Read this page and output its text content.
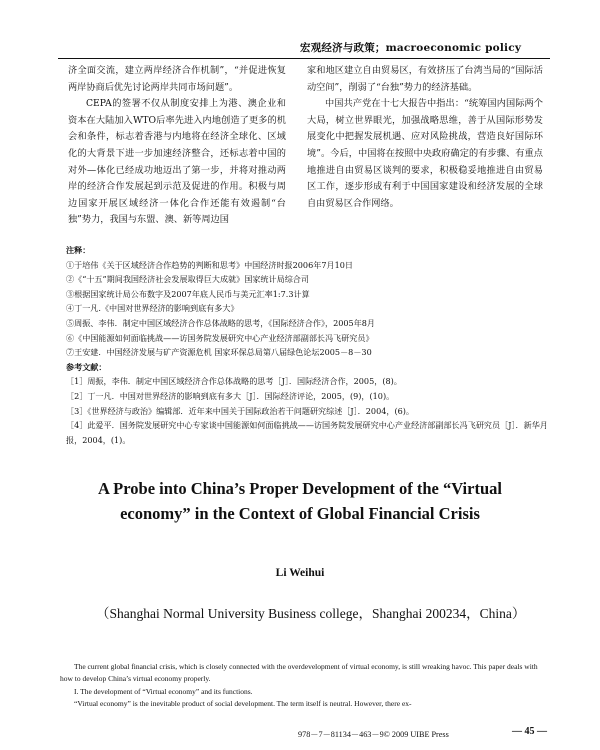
宏观经济与政策；macroeconomic policy

济全面交流，建立两岸经济合作机制”，“并促进恢复两岸协商后优先讨论两岸共同市场问题”。

CEPA的签署不仅从制度安排上为港、澳企业和资本在大陆加入WTO后率先进入内地创造了更多的机会和条件，标志着香港与内地将在经济全球化、区域化的大背景下进一步加速经济整合，还标志着中国的对外—体化已经成功地迈出了第一步，并将对推动两岸的经济合作发展起到示范及促进的作用。积极与周边国家开展区域经济一体化合作还能有效遏制“台独”势力，我国与东盟、澳、新等周边国

家和地区建立自由贸易区，有效挤压了台湾当局的“国际活动空间”，削弱了“台独”势力的经济基础。

中国共产党在十七大报告中指出：“统筹国内国际两个大局，树立世界眼光，加强战略思维，善于从国际形势发展变化中把握发展机遇、应对风险挑战，营造良好国际环境”。今后，中国将在按照中央政府确定的有步骤、有重点地推进自由贸易区谈判的要求，积极稳妥地推进自由贸易区工作，逐步形成有利于中国国家建设和经济发展的全球自由贸易区合作网络。

注释：
①于培伟《关于区域经济合作趋势的判断和思考》中国经济时报2006年7月10日
②《“十五”期间我国经济社会发展取得巨大成就》国家统计局综合司
③根据国家统计局公布数字及2007年底人民币与美元汇率1:7.3计算
④丁一凡.《中国对世界经济的影响到底有多大》
⑤周振、李伟．制定中国区域经济合作总体战略的思考，《国际经济合作》，2005年8月
⑥《中国能源如何面临挑战——访国务院发展研究中心产业经济部副部长冯飞研究员》
⑦王安建．中国经济发展与矿产资源危机 国家环保总局第八届绿色论坛2005－8－30
参考文献：
［1］周振，李伟．制定中国区域经济合作总体战略的思考［J］．国际经济合作，2005，(8)。
［2］丁一凡．中国对世界经济的影响到底有多大［J］．国际经济评论，2005，(9)，(10)。
［3］《世界经济与政治》编辑部．近年来中国关于国际政治若干问题研究综述［J］．2004，(6)。
［4］此爱平．国务院发展研究中心专家谈中国能源如何面临挑战——访国务院发展研究中心产业经济部副部长冯飞研究员［J］．新华月报，2004，(1)。
A Probe into China’s Proper Development of the “Virtual
economy” in the Context of Global Financial Crisis
Li Weihui
（Shanghai Normal University Business college，Shanghai 200234，China）

The current global financial crisis, which is closely connected with the overdevelopment of virtual economy, is still wreaking havoc. This paper deals with how to develop China’s virtual economy properly.

I. The development of “Virtual economy” and its functions.

“Virtual economy” is the inevitable product of social development. The term itself is neutral. However, there ex-

978－7－81134－463－9© 2009 UIBE Press	— 45 —
